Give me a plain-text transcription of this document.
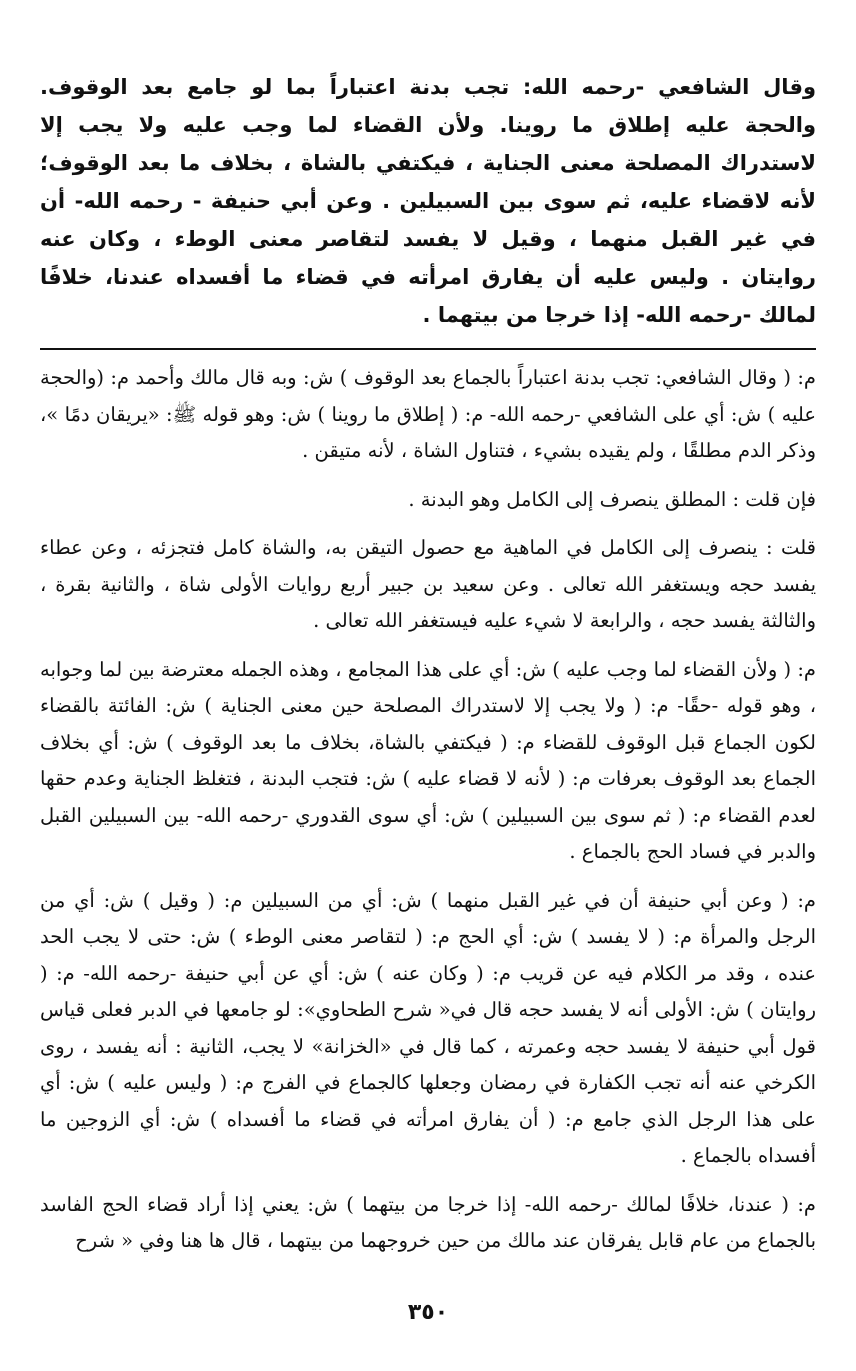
وقال الشافعي -رحمه الله: تجب بدنة اعتباراً بما لو جامع بعد الوقوف. والحجة عليه إطلاق ما روينا. ولأن القضاء لما وجب عليه ولا يجب إلا لاستدراك المصلحة معنى الجناية ، فيكتفي بالشاة ، بخلاف ما بعد الوقوف؛ لأنه لاقضاء عليه، ثم سوى بين السبيلين . وعن أبي حنيفة - رحمه الله- أن في غير القبل منهما ، وقيل لا يفسد لتقاصر معنى الوطء ، وكان عنه روايتان . وليس عليه أن يفارق امرأته في قضاء ما أفسداه عندنا، خلافًا لمالك -رحمه الله- إذا خرجا من بيتهما .

م: ( وقال الشافعي: تجب بدنة اعتباراً بالجماع بعد الوقوف ) ش: وبه قال مالك وأحمد م: (والحجة عليه ) ش: أي على الشافعي -رحمه الله- م: ( إطلاق ما روينا ) ش: وهو قوله ﷺ: «يريقان دمًا »، وذكر الدم مطلقًا ، ولم يقيده بشيء ، فتناول الشاة ، لأنه متيقن .

فإن قلت : المطلق ينصرف إلى الكامل وهو البدنة .

قلت : ينصرف إلى الكامل في الماهية مع حصول التيقن به، والشاة كامل فتجزئه ، وعن عطاء يفسد حجه ويستغفر الله تعالى . وعن سعيد بن جبير أربع روايات الأولى شاة ، والثانية بقرة ، والثالثة يفسد حجه ، والرابعة لا شيء عليه فيستغفر الله تعالى .

م: ( ولأن القضاء لما وجب عليه ) ش: أي على هذا المجامع ، وهذه الجمله معترضة بين لما وجوابه ، وهو قوله -حقًا- م: ( ولا يجب إلا لاستدراك المصلحة حين معنى الجناية ) ش: الفائتة بالقضاء لكون الجماع قبل الوقوف للقضاء م: ( فيكتفي بالشاة، بخلاف ما بعد الوقوف ) ش: أي بخلاف الجماع بعد الوقوف بعرفات م: ( لأنه لا قضاء عليه ) ش: فتجب البدنة ، فتغلظ الجناية وعدم حقها لعدم القضاء م: ( ثم سوى بين السبيلين ) ش: أي سوى القدوري -رحمه الله- بين السبيلين القبل والدبر في فساد الحج بالجماع .

م: ( وعن أبي حنيفة أن في غير القبل منهما ) ش: أي من السبيلين م: ( وقيل ) ش: أي من الرجل والمرأة م: ( لا يفسد ) ش: أي الحج م: ( لتقاصر معنى الوطء ) ش: حتى لا يجب الحد عنده ، وقد مر الكلام فيه عن قريب م: ( وكان عنه ) ش: أي عن أبي حنيفة -رحمه الله- م: ( روايتان ) ش: الأولى أنه لا يفسد حجه قال في« شرح الطحاوي»: لو جامعها في الدبر فعلى قياس قول أبي حنيفة لا يفسد حجه وعمرته ، كما قال في «الخزانة» لا يجب، الثانية : أنه يفسد ، روى الكرخي عنه أنه تجب الكفارة في رمضان وجعلها كالجماع في الفرج م: ( وليس عليه ) ش: أي على هذا الرجل الذي جامع م: ( أن يفارق امرأته في قضاء ما أفسداه ) ش: أي الزوجين ما أفسداه بالجماع .

م: ( عندنا، خلافًا لمالك -رحمه الله- إذا خرجا من بيتهما ) ش: يعني إذا أراد قضاء الحج الفاسد بالجماع من عام قابل يفرقان عند مالك من حين خروجهما من بيتهما ، قال ها هنا وفي « شرح

٣٥٠
